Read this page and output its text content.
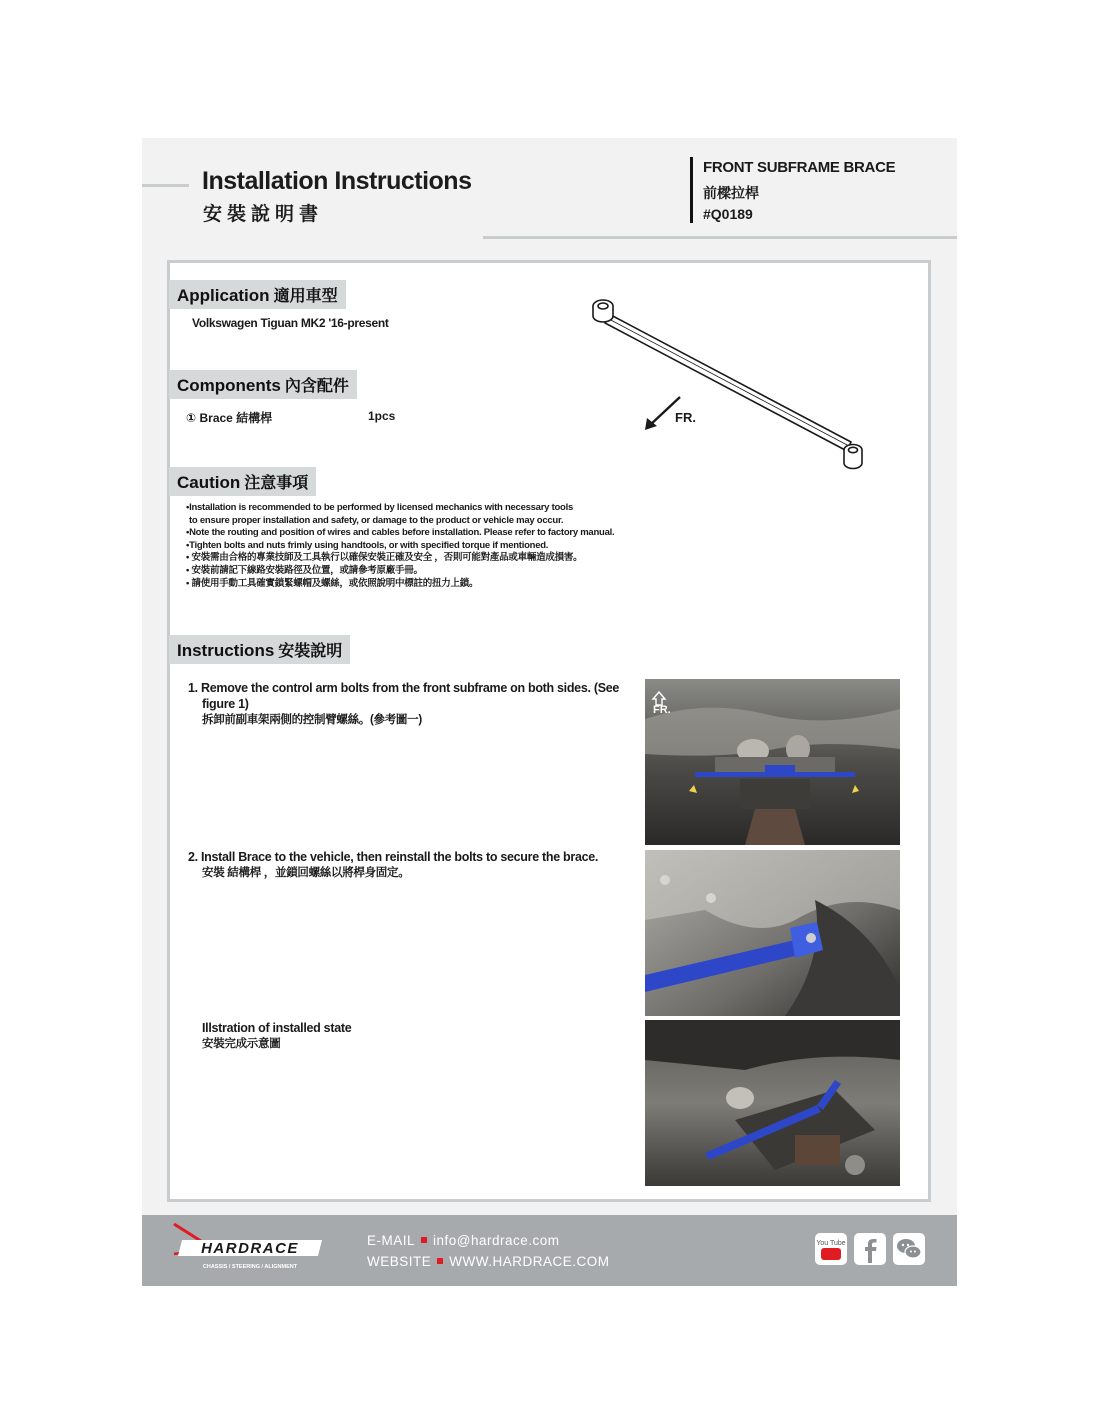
Installation Instructions
安裝說明書
FRONT SUBFRAME BRACE
前樑拉桿
#Q0189
Application 適用車型
Volkswagen Tiguan MK2 '16-present
Components 內含配件
① Brace 結構桿	1pcs	FR.
Caution 注意事項
•Installation is recommended to be performed by licensed mechanics with necessary tools
to ensure proper installation and safety, or damage to the product or vehicle may occur.
•Note the routing and position of wires and cables before installation. Please refer to factory manual.
•Tighten bolts and nuts frimly using handtools, or with specified torque if mentioned.
• 安裝需由合格的專業技師及工具執行以確保安裝正確及安全 ，否則可能對產品或車輛造成損害。
• 安裝前請記下線路安裝路徑及位置，或請參考原廠手冊。
• 請使用手動工具確實鎖緊螺帽及螺絲，或依照說明中標註的扭力上鎖。
Instructions 安裝說明
1. Remove the control arm bolts from the front subframe on both sides. (See
figure 1)
拆卸前副車架兩側的控制臂螺絲。(參考圖一)
2. Install Brace to the vehicle, then reinstall the bolts to secure the brace.
安裝 結構桿 ，並鎖回螺絲以將桿身固定。
Illstration of installed state
安裝完成示意圖
FR.
HARDRACE
CHASSIS / STEERING / ALIGNMENT
E-MAIL info@hardrace.com
WEBSITE WWW.HARDRACE.COM
You Tube
